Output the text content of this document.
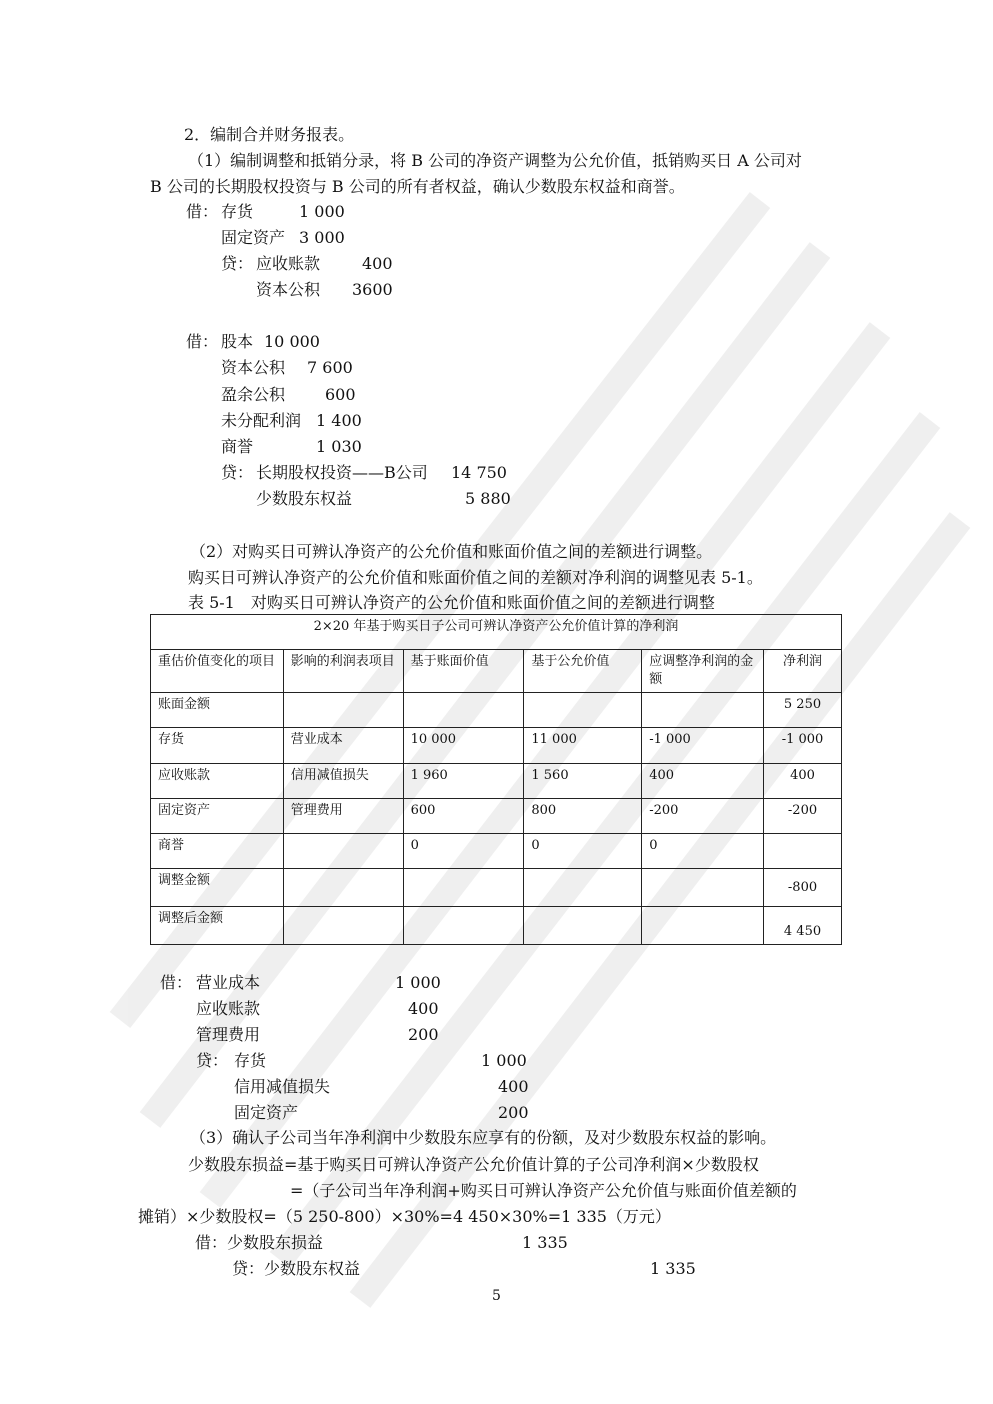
2．编制合并财务报表。
（1）编制调整和抵销分录，将 B 公司的净资产调整为公允价值，抵销购买日 A 公司对
B 公司的长期股权投资与 B 公司的所有者权益，确认少数股东权益和商誉。
借： 存货	1 000
固定资产 3 000
贷： 应收账款	400
资本公积 3600
借： 股本 10 000
资本公积 7 600
盈余公积 600
未分配利润 1 400
商誉	1 030
贷： 长期股权投资——B公司 14 750
少数股东权益	5 880
（2）对购买日可辨认净资产的公允价值和账面价值之间的差额进行调整。
购买日可辨认净资产的公允价值和账面价值之间的差额对净利润的调整见表 5-1。
表 5-1　对购买日可辨认净资产的公允价值和账面价值之间的差额进行调整
2×20 年基于购买日子公司可辨认净资产公允价值计算的净利润					
重估价值变化的项目	影响的利润表项目	基于账面价值	基于公允价值	应调整净利润的金额	净利润
账面金额					5 250
存货	营业成本	10 000	11 000	-1 000	-1 000
应收账款	信用减值损失	1 960	1 560	400	400
固定资产	管理费用	600	800	-200	-200
商誉		0	0	0	
调整金额					-800
调整后金额					4 450
借： 营业成本	1 000
应收账款	400
管理费用	200
贷： 存货	1 000
信用减值损失	400
固定资产	200
（3）确认子公司当年净利润中少数股东应享有的份额，及对少数股东权益的影响。
少数股东损益=基于购买日可辨认净资产公允价值计算的子公司净利润×少数股权
=（子公司当年净利润+购买日可辨认净资产公允价值与账面价值差额的
摊销）×少数股权=（5 250-800）×30%=4 450×30%=1 335（万元）
借：少数股东损益	1 335
贷：少数股东权益	1 335
5
